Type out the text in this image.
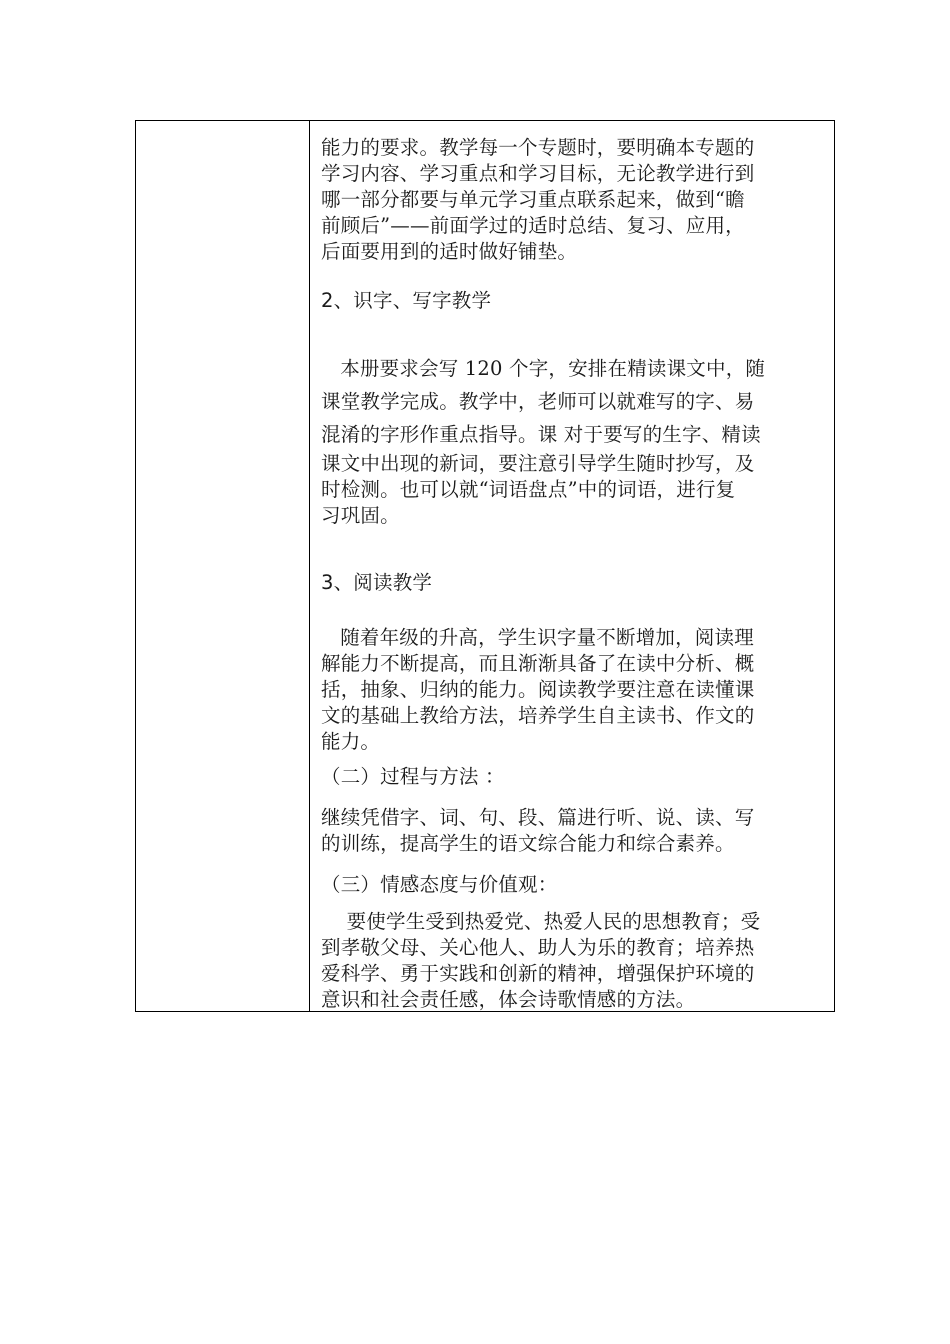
能力的要求。教学每一个专题时，要明确本专题的
学习内容、学习重点和学习目标，无论教学进行到
哪一部分都要与单元学习重点联系起来，做到“瞻
前顾后”——前面学过的适时总结、复习、应用，
后面要用到的适时做好铺垫。

2、识字、写字教学

本册要求会写 120 个字，安排在精读课文中，随
课堂教学完成。教学中，老师可以就难写的字、易
混淆的字形作重点指导。课 对于要写的生字、精读
课文中出现的新词，要注意引导学生随时抄写，及
时检测。也可以就“词语盘点”中的词语，进行复
习巩固。

3、阅读教学

随着年级的升高，学生识字量不断增加，阅读理
解能力不断提高，而且渐渐具备了在读中分析、概
括，抽象、归纳的能力。阅读教学要注意在读懂课
文的基础上教给方法，培养学生自主读书、作文的
能力。

（二）过程与方法 ：

继续凭借字、词、句、段、篇进行听、说、读、写
的训练，提高学生的语文综合能力和综合素养。

（三）情感态度与价值观：

要使学生受到热爱党、热爱人民的思想教育；受
到孝敬父母、关心他人、助人为乐的教育；培养热
爱科学、勇于实践和创新的精神，增强保护环境的
意识和社会责任感，体会诗歌情感的方法。
